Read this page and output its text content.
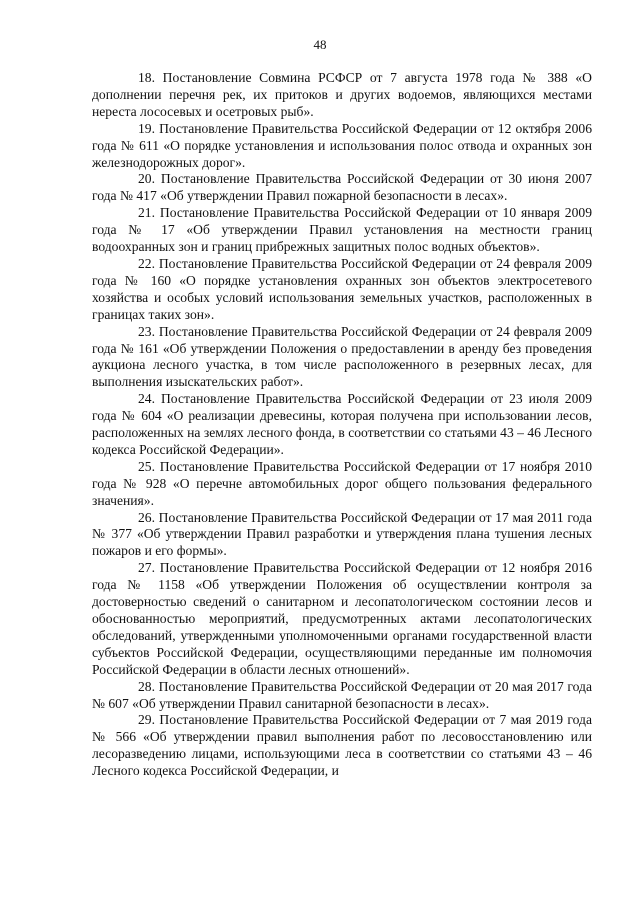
48

18. Постановление Совмина РСФСР от 7 августа 1978 года № 388 «О дополнении перечня рек, их притоков и других водоемов, являющихся местами нереста лососевых и осетровых рыб».

19. Постановление Правительства Российской Федерации от 12 октября 2006 года № 611 «О порядке установления и использования полос отвода и охранных зон железнодорожных дорог».

20. Постановление Правительства Российской Федерации от 30 июня 2007 года № 417 «Об утверждении Правил пожарной безопасности в лесах».

21. Постановление Правительства Российской Федерации от 10 января 2009 года № 17 «Об утверждении Правил установления на местности границ водоохранных зон и границ прибрежных защитных полос водных объектов».

22. Постановление Правительства Российской Федерации от 24 февраля 2009 года № 160 «О порядке установления охранных зон объектов электросетевого хозяйства и особых условий использования земельных участков, расположенных в границах таких зон».

23. Постановление Правительства Российской Федерации от 24 февраля 2009 года № 161 «Об утверждении Положения о предоставлении в аренду без проведения аукциона лесного участка, в том числе расположенного в резервных лесах, для выполнения изыскательских работ».

24. Постановление Правительства Российской Федерации от 23 июля 2009 года № 604 «О реализации древесины, которая получена при использовании лесов, расположенных на землях лесного фонда, в соответствии со статьями 43 – 46 Лесного кодекса Российской Федерации».

25. Постановление Правительства Российской Федерации от 17 ноября 2010 года № 928 «О перечне автомобильных дорог общего пользования федерального значения».

26. Постановление Правительства Российской Федерации от 17 мая 2011 года № 377 «Об утверждении Правил разработки и утверждения плана тушения лесных пожаров и его формы».

27. Постановление Правительства Российской Федерации от 12 ноября 2016 года № 1158 «Об утверждении Положения об осуществлении контроля за достоверностью сведений о санитарном и лесопатологическом состоянии лесов и обоснованностью мероприятий, предусмотренных актами лесопатологических обследований, утвержденными уполномоченными органами государственной власти субъектов Российской Федерации, осуществляющими переданные им полномочия Российской Федерации в области лесных отношений».

28. Постановление Правительства Российской Федерации от 20 мая 2017 года № 607 «Об утверждении Правил санитарной безопасности в лесах».

29. Постановление Правительства Российской Федерации от 7 мая 2019 года № 566 «Об утверждении правил выполнения работ по лесовосстановлению или лесоразведению лицами, использующими леса в соответствии со статьями 43 – 46 Лесного кодекса Российской Федерации, и
